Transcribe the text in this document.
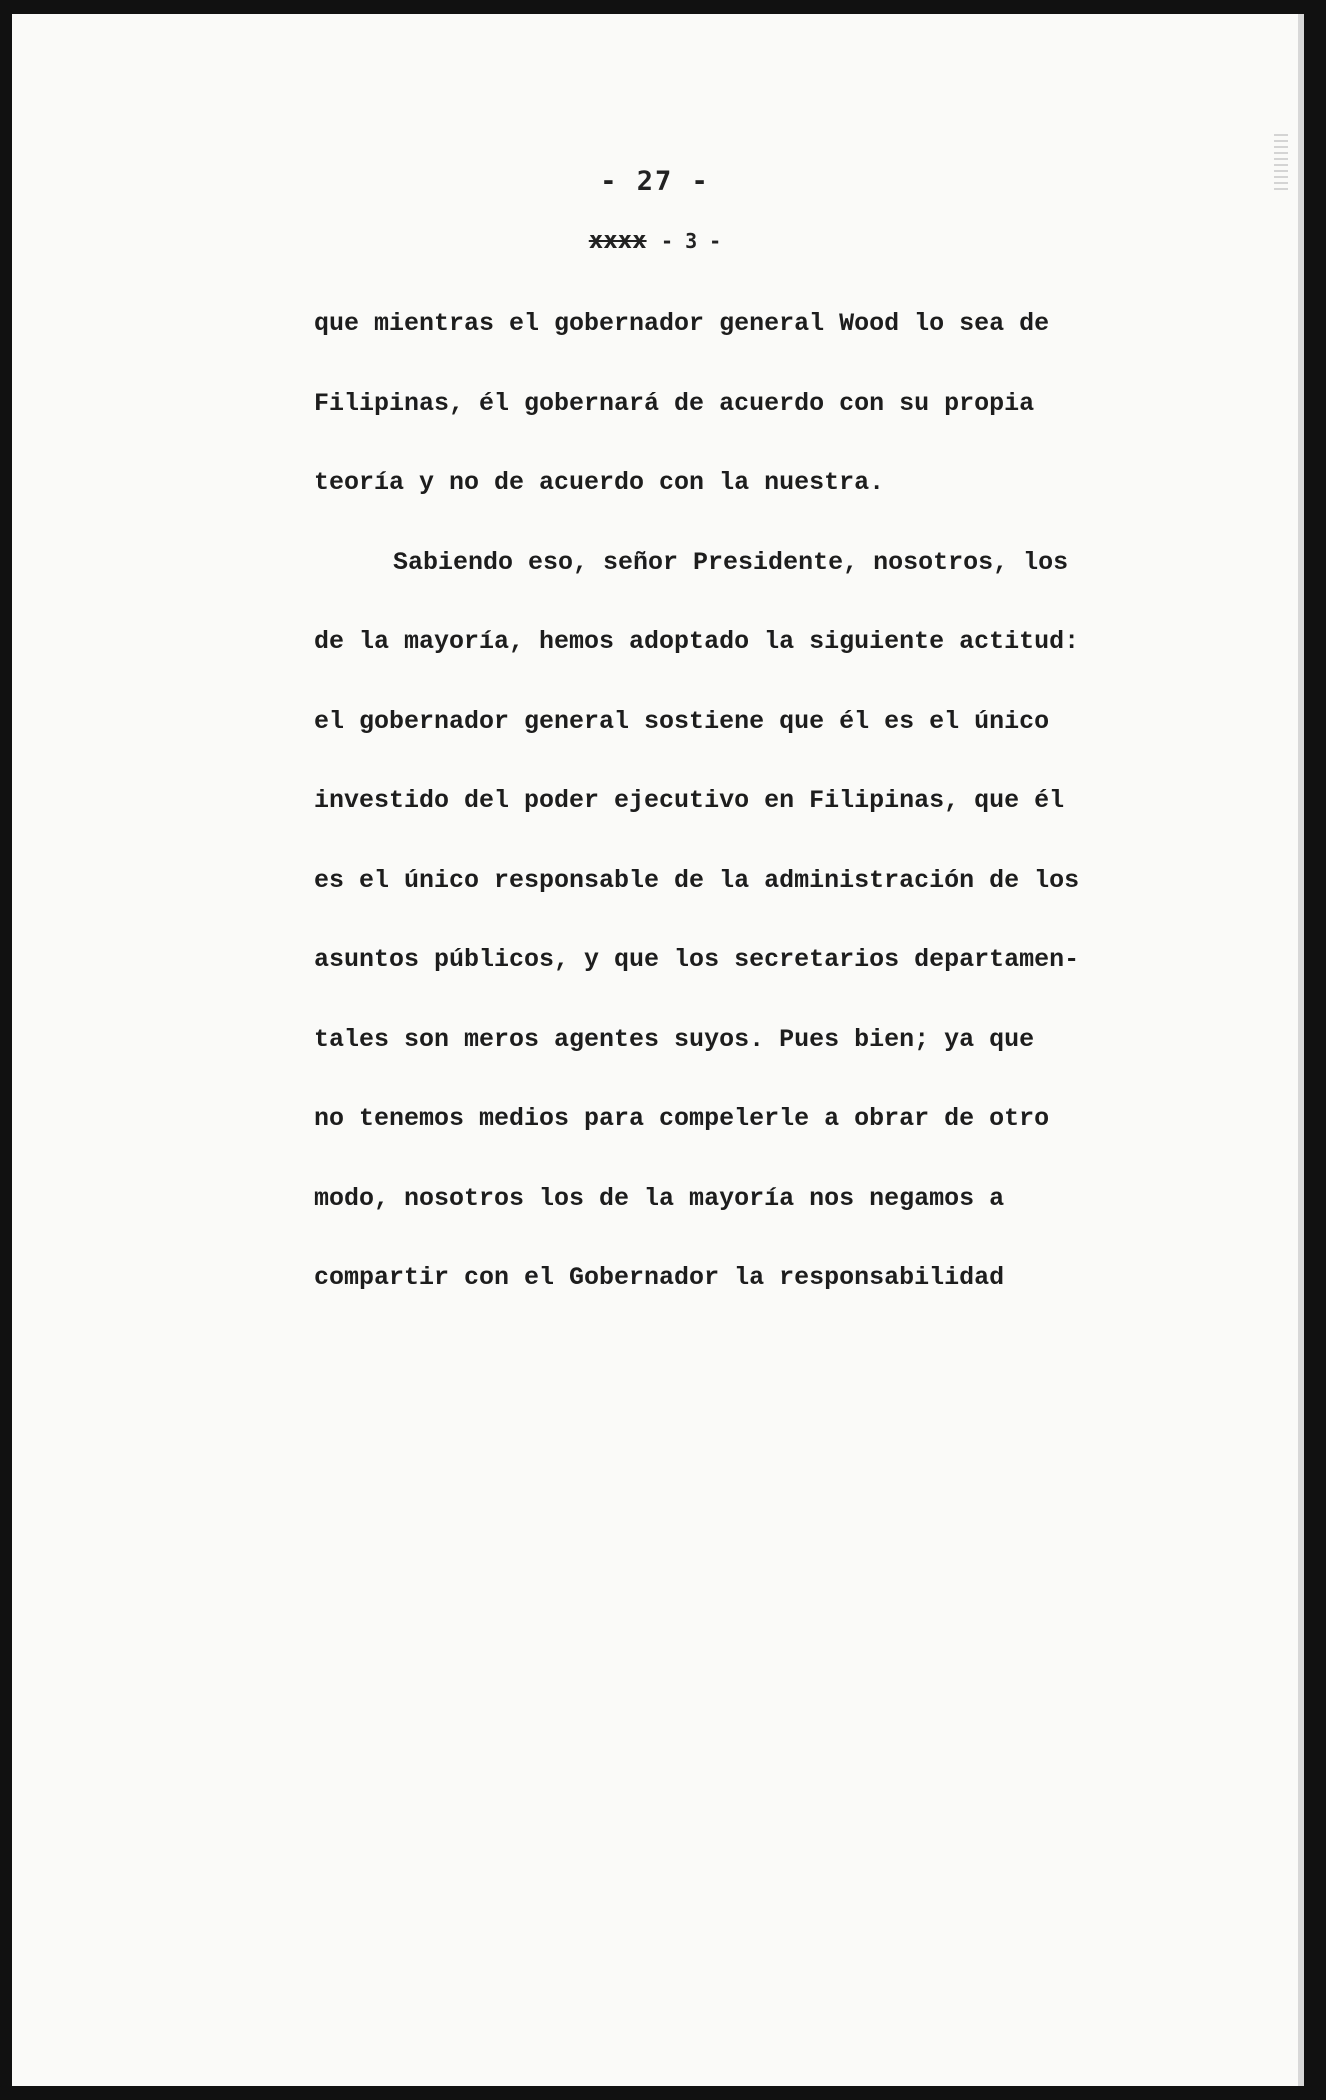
- 27 -
xxxx - 3 -
que mientras el gobernador general Wood lo sea de
Filipinas, él gobernará de acuerdo con su propia
teoría y no de acuerdo con la nuestra.
Sabiendo eso, señor Presidente, nosotros, los
de la mayoría, hemos adoptado la siguiente actitud:
el gobernador general sostiene que él es el único
investido del poder ejecutivo en Filipinas, que él
es el único responsable de la administración de los
asuntos públicos, y que los secretarios departamen-
tales son meros agentes suyos. Pues bien; ya que
no tenemos medios para compelerle a obrar de otro
modo, nosotros los de la mayoría nos negamos a
compartir con el Gobernador la responsabilidad
